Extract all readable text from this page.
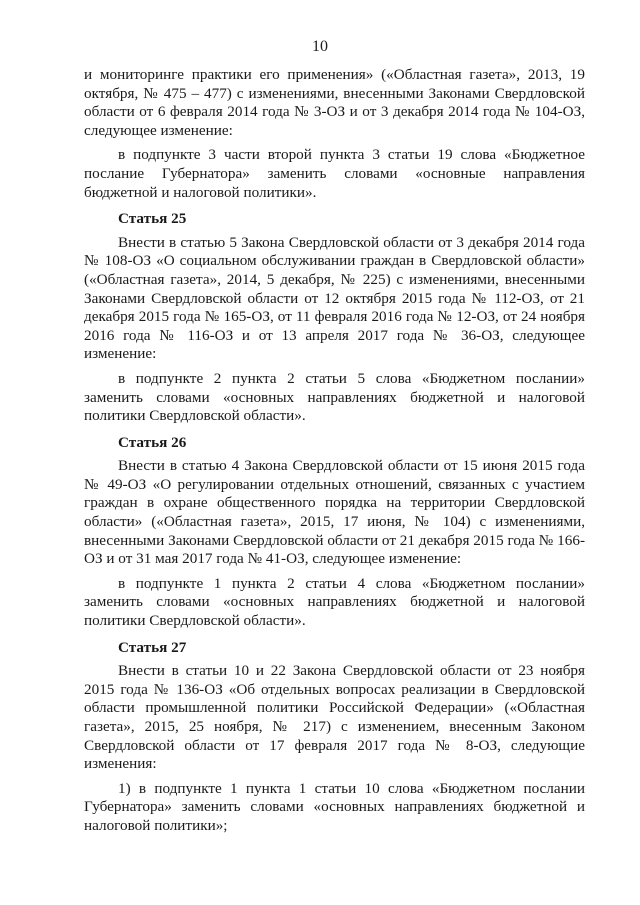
10

и мониторинге практики его применения» («Областная газета», 2013, 19 октября, № 475 – 477) с изменениями, внесенными Законами Свердловской области от 6 февраля 2014 года № 3-ОЗ и от 3 декабря 2014 года № 104-ОЗ, следующее изменение:

в подпункте 3 части второй пункта 3 статьи 19 слова «Бюджетное послание Губернатора» заменить словами «основные направления бюджетной и налоговой политики».

Статья 25

Внести в статью 5 Закона Свердловской области от 3 декабря 2014 года № 108-ОЗ «О социальном обслуживании граждан в Свердловской области» («Областная газета», 2014, 5 декабря, № 225) с изменениями, внесенными Законами Свердловской области от 12 октября 2015 года № 112-ОЗ, от 21 декабря 2015 года № 165-ОЗ, от 11 февраля 2016 года № 12-ОЗ, от 24 ноября 2016 года № 116-ОЗ и от 13 апреля 2017 года № 36-ОЗ, следующее изменение:

в подпункте 2 пункта 2 статьи 5 слова «Бюджетном послании» заменить словами «основных направлениях бюджетной и налоговой политики Свердловской области».

Статья 26

Внести в статью 4 Закона Свердловской области от 15 июня 2015 года № 49-ОЗ «О регулировании отдельных отношений, связанных с участием граждан в охране общественного порядка на территории Свердловской области» («Областная газета», 2015, 17 июня, № 104) с изменениями, внесенными Законами Свердловской области от 21 декабря 2015 года № 166-ОЗ и от 31 мая 2017 года № 41-ОЗ, следующее изменение:

в подпункте 1 пункта 2 статьи 4 слова «Бюджетном послании» заменить словами «основных направлениях бюджетной и налоговой политики Свердловской области».

Статья 27

Внести в статьи 10 и 22 Закона Свердловской области от 23 ноября 2015 года № 136-ОЗ «Об отдельных вопросах реализации в Свердловской области промышленной политики Российской Федерации» («Областная газета», 2015, 25 ноября, № 217) с изменением, внесенным Законом Свердловской области от 17 февраля 2017 года № 8-ОЗ, следующие изменения:

1) в подпункте 1 пункта 1 статьи 10 слова «Бюджетном послании Губернатора» заменить словами «основных направлениях бюджетной и налоговой политики»;
